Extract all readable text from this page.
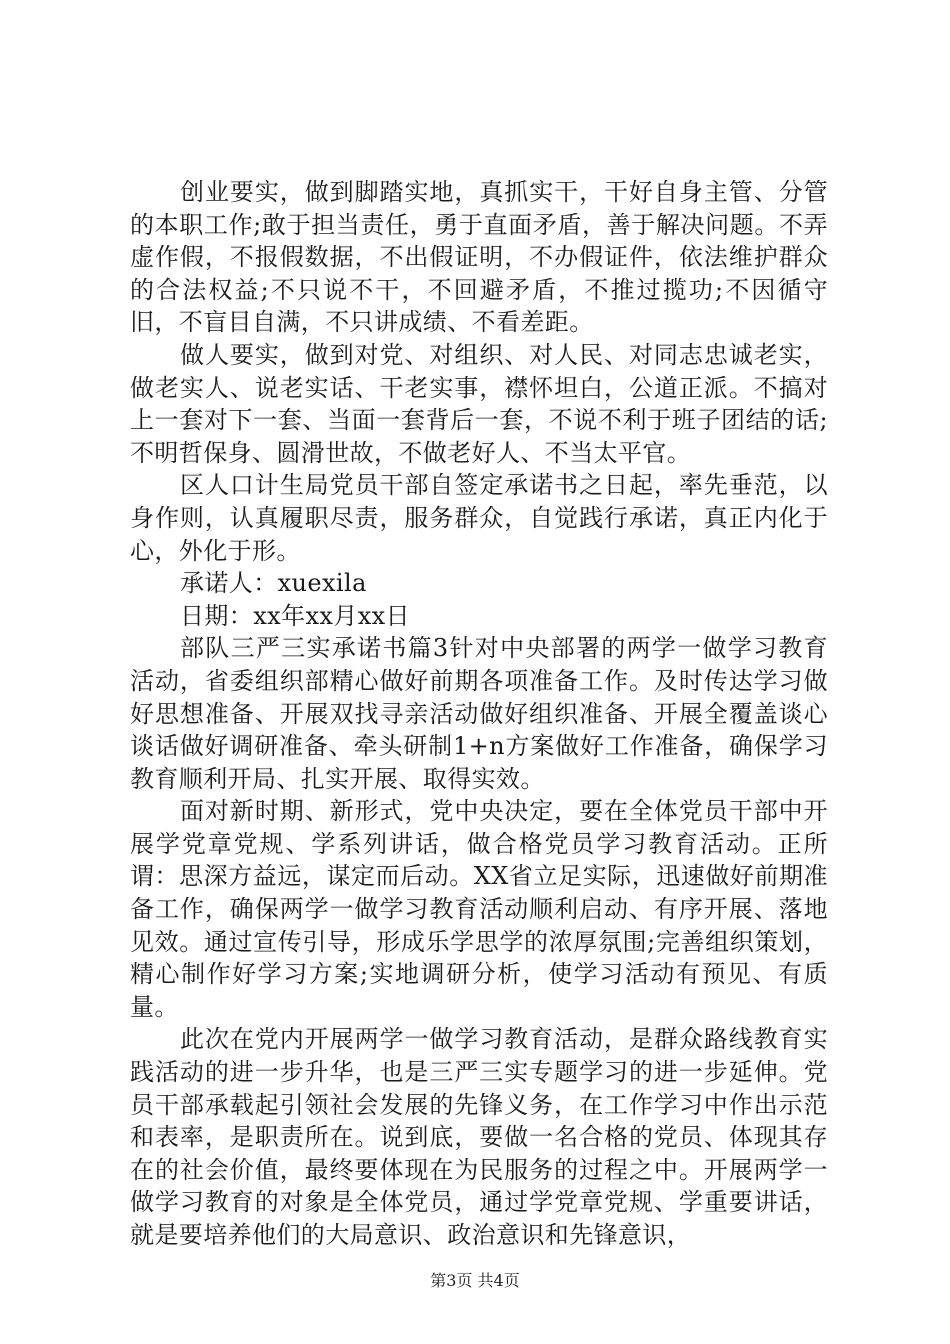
创业要实，做到脚踏实地，真抓实干，干好自身主管、分管的本职工作;敢于担当责任，勇于直面矛盾，善于解决问题。不弄虚作假，不报假数据，不出假证明，不办假证件，依法维护群众的合法权益;不只说不干，不回避矛盾，不推过揽功;不因循守旧，不盲目自满，不只讲成绩、不看差距。

做人要实，做到对党、对组织、对人民、对同志忠诚老实，做老实人、说老实话、干老实事，襟怀坦白，公道正派。不搞对上一套对下一套、当面一套背后一套，不说不利于班子团结的话;不明哲保身、圆滑世故，不做老好人、不当太平官。

区人口计生局党员干部自签定承诺书之日起，率先垂范，以身作则，认真履职尽责，服务群众，自觉践行承诺，真正内化于心，外化于形。

承诺人：xuexila

日期：xx年xx月xx日

部队三严三实承诺书篇3针对中央部署的两学一做学习教育活动，省委组织部精心做好前期各项准备工作。及时传达学习做好思想准备、开展双找寻亲活动做好组织准备、开展全覆盖谈心谈话做好调研准备、牵头研制1+n方案做好工作准备，确保学习教育顺利开局、扎实开展、取得实效。

面对新时期、新形式，党中央决定，要在全体党员干部中开展学党章党规、学系列讲话，做合格党员学习教育活动。正所谓：思深方益远，谋定而后动。XX省立足实际，迅速做好前期准备工作，确保两学一做学习教育活动顺利启动、有序开展、落地见效。通过宣传引导，形成乐学思学的浓厚氛围;完善组织策划，精心制作好学习方案;实地调研分析，使学习活动有预见、有质量。

此次在党内开展两学一做学习教育活动，是群众路线教育实践活动的进一步升华，也是三严三实专题学习的进一步延伸。党员干部承载起引领社会发展的先锋义务，在工作学习中作出示范和表率，是职责所在。说到底，要做一名合格的党员、体现其存在的社会价值，最终要体现在为民服务的过程之中。开展两学一做学习教育的对象是全体党员，通过学党章党规、学重要讲话，就是要培养他们的大局意识、政治意识和先锋意识，

第3页 共4页
